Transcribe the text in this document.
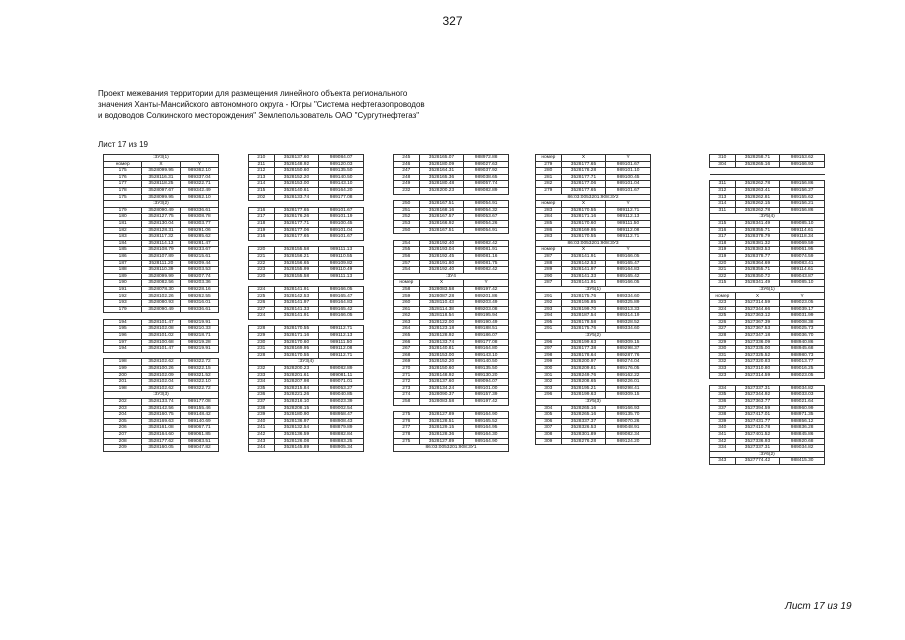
327
Проект межевания территории для размещения линейного объекта регионального
значения Ханты-Мансийского автономного округа - Югры "Система нефтегазопроводов
и водоводов Солкинского месторождения" Землепользователь ОАО "Сургутнефтегаз"
Лист 17 из 19
:3У3(1)		
номер	X	Y
175	3528099.95	989362.10
176	3528116.31	989337.04
177	3528118.25	989322.71
178	3528097.67	989342.49
175	3528099.95	989362.10
:3У3(2)		
179	3528090.49	989336.61
180	3528127.75	989308.78
181	3528130.04	989303.77
182	3528128.31	989291.06
183	3528117.32	989285.62
184	3528114.13	989281.47
185	3528108.79	989233.67
186	3528107.89	989215.61
187	3528111.20	989209.44
188	3528110.39	989203.53
189	3528099.99	989207.74
190	3528082.56	989203.36
191	3528078.30	989228.16
192	3528102.26	989262.55
193	3528080.93	989316.01
179	3528090.49	989336.61

194	3528101.47	989219.91
195	3528102.08	989210.33
196	3528101.02	989218.71
197	3528100.68	989219.28
194	3528101.47	989219.91

198	3528102.62	989322.72
199	3528100.26	989322.15
200	3528102.09	989321.52
201	3528102.04	989322.10
198	3528102.62	989322.72
:3У3(3)		
202	3528133.74	989177.08
203	3528142.56	989155.46
204	3528160.75	989148.42
205	3528169.63	989140.69
206	3528161.08	989067.71
207	3528164.60	989061.85
208	3528177.62	989083.51
209	3528160.05	989047.82
210	3528137.60	989084.07
211	3528148.92	989120.03
212	3528150.60	989135.50
213	3528152.20	989140.50
214	3528153.00	989143.10
215	3528140.61	989164.20
202	3528133.74	989177.08

216	3528177.65	989101.67
217	3528176.26	989101.19
218	3528177.71	989100.45
219	3528177.06	989101.04
216	3528177.65	989101.67

220	3528155.58	989111.13
221	3528156.21	989110.55
222	3528156.65	989109.82
223	3528155.99	989110.49
220	3528155.58	989111.13

224	3528141.91	989166.05
225	3528142.53	989165.47
226	3528141.97	989164.83
227	3528141.33	989165.42
224	3528141.91	989166.05

228	3528170.55	989112.71
229	3528171.16	989112.13
230	3528170.60	989111.50
231	3528169.95	989112.08
228	3528170.55	989112.71
:3У3(4)		
232	3528200.23	989082.89
233	3528201.61	989081.11
234	3528207.98	989071.01
235	3528215.84	989053.27
236	3528221.26	989040.85
237	3528216.10	989023.39
238	3528208.15	989002.54
239	3528180.90	988958.47
240	3528136.97	988908.43
241	3528132.54	988879.89
242	3528136.59	988882.84
243	3528126.08	988883.25
244	3528145.89	988905.34
245	3528165.07	988972.88
246	3528180.09	989027.63
247	3528164.31	989037.92
248	3528165.36	989038.65
249	3528180.48	989057.74
232	3528200.23	989082.89

250	3528167.51	989054.91
251	3528168.16	989054.32
252	3528167.57	989053.67
253	3528166.92	989054.26
250	3528167.51	989054.91

254	3528192.40	989082.42
255	3528193.04	989081.91
256	3528192.45	989081.16
257	3528191.80	989081.75
254	3528192.40	989082.42
:3У4		
номер	X	Y
258	3528083.58	989197.42
259	3528087.28	989201.86
260	3528110.43	989203.49
261	3528114.38	989203.08
262	3528118.54	989195.94
263	3528122.00	989190.49
264	3528123.18	989188.51
265	3528128.92	989186.07
266	3528133.74	989177.08
267	3528140.81	989164.80
268	3528153.00	989143.10
269	3528152.20	989140.50
270	3528150.60	989135.50
271	3528148.92	989130.20
272	3528137.60	989094.07
273	3528134.24	989101.00
274	3528090.37	989157.39
258	3528083.58	989197.42

275	3528127.89	989164.90
276	3528128.51	989165.52
277	3528129.15	989164.95
278	3528128.36	989164.30
275	3528127.89	989164.90
86:03:0053201:908:3У1		
номер	X	Y
279	3528177.65	989101.67
280	3528178.28	989101.10
281	3528177.71	989100.45
282	3528177.06	989101.04
279	3528177.65	989101.67
86:03:0053201:908:3У2		
номер	X	Y
283	3528170.55	989112.71
284	3528171.16	989112.13
285	3528170.60	989111.50
286	3528169.95	989112.08
283	3528170.55	989112.71
86:03:0053201:908:3У3		
номер	X	Y
287	3528141.91	989166.05
288	3528142.53	989165.47
289	3528141.97	989164.83
290	3528141.33	989165.42
287	3528141.91	989166.05
:3У5(1)		
291	3528175.76	989334.60
292	3528195.85	989325.89
293	3528199.70	989313.33
294	3528187.54	989314.19
295	3528178.58	989328.52
291	3528175.76	989334.60
:3У5(2)		
296	3528199.63	989309.15
297	3528177.38	989298.37
298	3528178.64	989287.76
299	3528200.97	989274.04
300	3528209.81	989176.05
301	3528249.76	989162.22
302	3528208.65	989226.01
303	3528195.21	989298.41
296	3528199.63	989309.15
:3У5(3)		
304	3528265.16	989166.93
305	3528265.16	989135.70
306	3528337.37	989070.26
307	3528326.53	989048.91
308	3528301.89	989082.34
309	3528276.28	989124.20
310	3528258.71	989153.62
304	3528265.16	989166.93

311	3528262.78	989156.86
312	3528263.41	989156.27
313	3528262.81	989155.62
314	3528262.15	989156.21
311	3528262.78	989156.86
:3У5(4)		
315	3528341.49	989085.10
316	3528355.71	989114.61
317	3528378.79	989118.34
318	3528381.32	989069.59
319	3528383.53	989061.95
319	3528378.77	989074.59
320	3528364.69	989083.41
321	3528355.71	989114.61
322	3528350.72	989043.87
315	3528341.49	989085.10
:3У6(1)		
номер	X	Y
323	3527314.59	989023.05
324	3527344.66	989039.17
325	3527363.12	989031.99
326	3527367.39	989008.38
327	3527367.53	989025.73
328	3527347.18	989036.70
329	3527336.09	988940.86
330	3527335.00	988945.68
331	3527325.52	988980.73
332	3527320.83	989013.77
333	3527310.80	989016.25
323	3527314.59	989023.05

334	3527337.31	989034.82
335	3527344.92	989033.03
336	3527363.77	989021.64
337	3527394.59	988960.99
338	3527417.01	988971.35
339	3527431.77	988856.12
340	3527410.78	988836.28
341	3527401.52	988845.86
342	3527336.93	988920.68
334	3527337.31	989034.82
:3У6(2)		
343	3527774.42	988415.30
Лист 17 из 19
